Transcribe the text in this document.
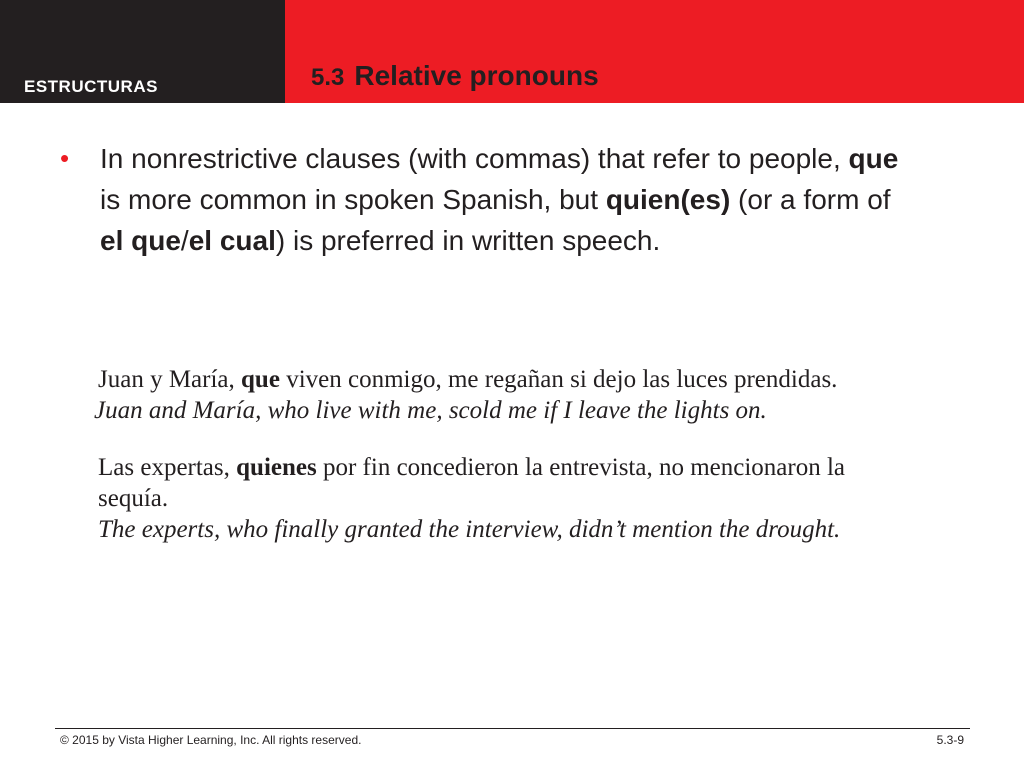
ESTRUCTURAS	5.3 Relative pronouns
•	In nonrestrictive clauses (with commas) that refer to people, que is more common in spoken Spanish, but quien(es) (or a form of el que/el cual) is preferred in written speech.

Juan y María, que viven conmigo, me regañan si dejo las luces prendidas.

Juan and María, who live with me, scold me if I leave the lights on.

Las expertas, quienes por fin concedieron la entrevista, no mencionaron la sequía.

The experts, who finally granted the interview, didn’t mention the drought.

© 2015 by Vista Higher Learning, Inc. All rights reserved.	5.3-9
